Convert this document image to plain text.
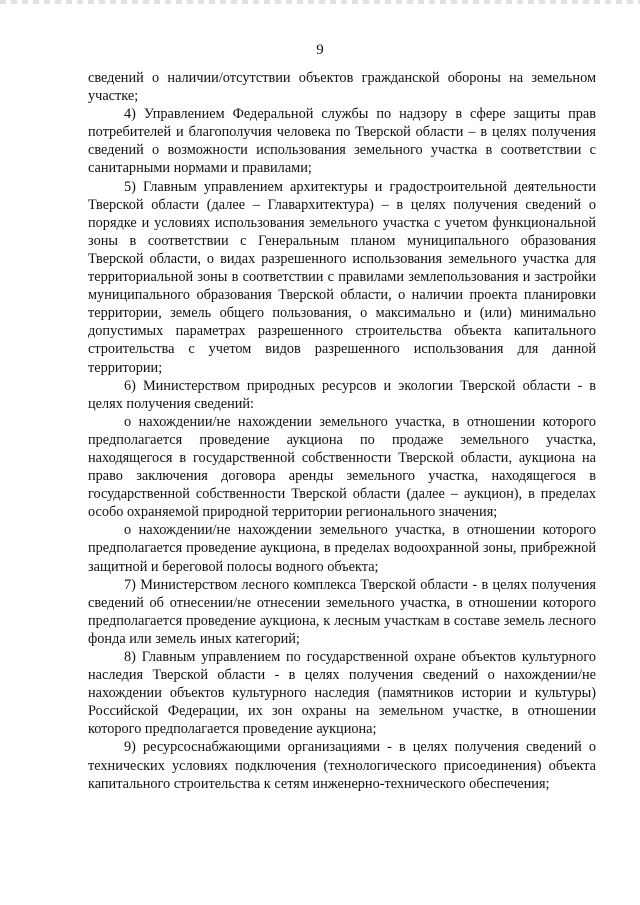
9

сведений о наличии/отсутствии объектов гражданской обороны на земельном участке;

4) Управлением Федеральной службы по надзору в сфере защиты прав потребителей и благополучия человека по Тверской области – в целях получения сведений о возможности использования земельного участка в соответствии с санитарными нормами и правилами;

5) Главным управлением архитектуры и градостроительной деятельности Тверской области (далее – Главархитектура) – в целях получения сведений о порядке и условиях использования земельного участка с учетом функциональной зоны в соответствии с Генеральным планом муниципального образования Тверской области, о видах разрешенного использования земельного участка для территориальной зоны в соответствии с правилами землепользования и застройки муниципального образования Тверской области, о наличии проекта планировки территории, земель общего пользования, о максимально и (или) минимально допустимых параметрах разрешенного строительства объекта капитального строительства с учетом видов разрешенного использования для данной территории;

6) Министерством природных ресурсов и экологии Тверской области - в целях получения сведений:

о нахождении/не нахождении земельного участка, в отношении которого предполагается проведение аукциона по продаже земельного участка, находящегося в государственной собственности Тверской области, аукциона на право заключения договора аренды земельного участка, находящегося в государственной собственности Тверской области (далее – аукцион), в пределах особо охраняемой природной территории регионального значения;

о нахождении/не нахождении земельного участка, в отношении которого предполагается проведение аукциона, в пределах водоохранной зоны, прибрежной защитной и береговой полосы водного объекта;

7) Министерством лесного комплекса Тверской области - в целях получения сведений об отнесении/не отнесении земельного участка, в отношении которого предполагается проведение аукциона, к лесным участкам в составе земель лесного фонда или земель иных категорий;

8) Главным управлением по государственной охране объектов культурного наследия Тверской области - в целях получения сведений о нахождении/не нахождении объектов культурного наследия (памятников истории и культуры) Российской Федерации, их зон охраны на земельном участке, в отношении которого предполагается проведение аукциона;

9) ресурсоснабжающими организациями - в целях получения сведений о технических условиях подключения (технологического присоединения) объекта капитального строительства к сетям инженерно-технического обеспечения;
